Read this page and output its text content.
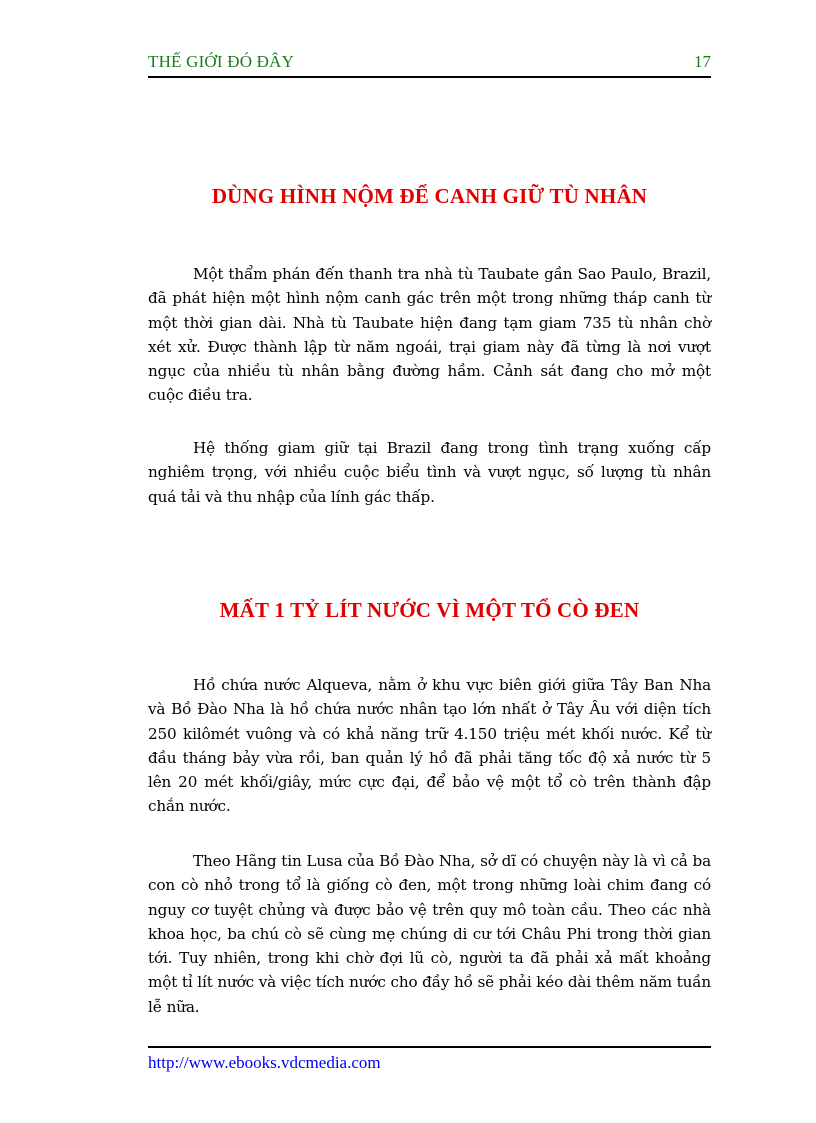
THẾ GIỚI ĐÓ ĐÂY	17
DÙNG HÌNH NỘM ĐỂ CANH GIỮ TÙ NHÂN

Một thẩm phán đến thanh tra nhà tù Taubate gần Sao Paulo, Brazil, đã phát hiện một hình nộm canh gác trên một trong những tháp canh từ một thời gian dài. Nhà tù Taubate hiện đang tạm giam 735 tù nhân chờ xét xử. Được thành lập từ năm ngoái, trại giam này đã từng là nơi vượt ngục của nhiều tù nhân bằng đường hầm. Cảnh sát đang cho mở một cuộc điều tra.

Hệ thống giam giữ tại Brazil đang trong tình trạng xuống cấp nghiêm trọng, với nhiều cuộc biểu tình và vượt ngục, số lượng tù nhân quá tải và thu nhập của lính gác thấp.

MẤT 1 TỶ LÍT NƯỚC VÌ MỘT TỔ CÒ ĐEN

Hồ chứa nước Alqueva, nằm ở khu vực biên giới giữa Tây Ban Nha và Bồ Đào Nha là hồ chứa nước nhân tạo lớn nhất ở Tây Âu với diện tích 250 kilômét vuông và có khả năng trữ 4.150 triệu mét khối nước. Kể từ đầu tháng bảy vừa rồi, ban quản lý hồ đã phải tăng tốc độ xả nước từ 5 lên 20 mét khối/giây, mức cực đại, để bảo vệ một tổ cò trên thành đập chắn nước.

Theo Hãng tin Lusa của Bồ Đào Nha, sở dĩ có chuyện này là vì cả ba con cò nhỏ trong tổ là giống cò đen, một trong những loài chim đang có nguy cơ tuyệt chủng và được bảo vệ trên quy mô toàn cầu. Theo các nhà khoa học, ba chú cò sẽ cùng mẹ chúng di cư tới Châu Phi trong thời gian tới. Tuy nhiên, trong khi chờ đợi lũ cò, người ta đã phải xả mất khoảng một tỉ lít nước và việc tích nước cho đầy hồ sẽ phải kéo dài thêm năm tuần lễ nữa.

http://www.ebooks.vdcmedia.com
